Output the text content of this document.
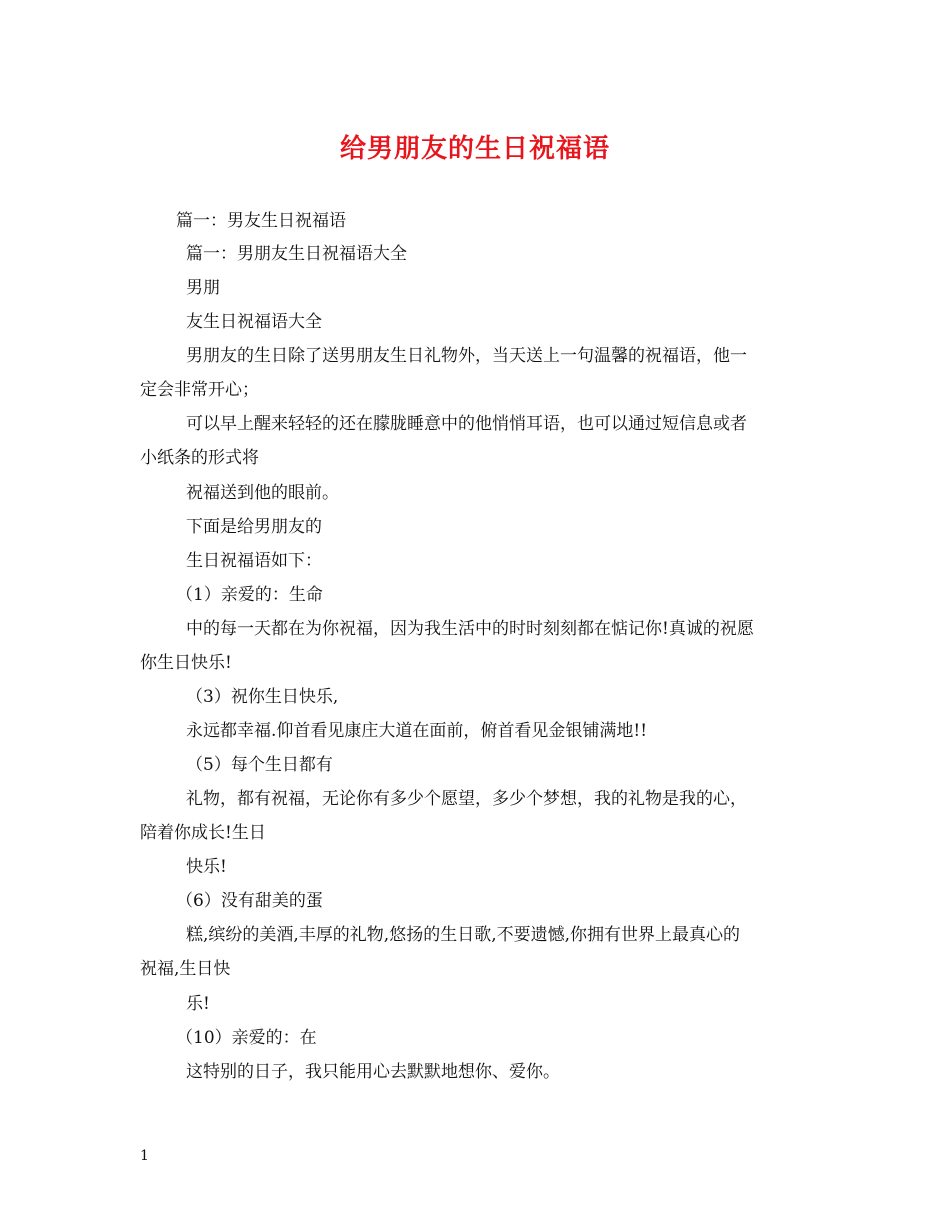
给男朋友的生日祝福语
篇一：男友生日祝福语
篇一：男朋友生日祝福语大全
男朋
友生日祝福语大全
男朋友的生日除了送男朋友生日礼物外，当天送上一句温馨的祝福语，他一
定会非常开心；
可以早上醒来轻轻的还在朦胧睡意中的他悄悄耳语，也可以通过短信息或者
小纸条的形式将
祝福送到他的眼前。
下面是给男朋友的
生日祝福语如下：
（1）亲爱的：生命
中的每一天都在为你祝福，因为我生活中的时时刻刻都在惦记你!真诚的祝愿
你生日快乐!
（3）祝你生日快乐,
永远都幸福.仰首看见康庄大道在面前，俯首看见金银铺满地!!
（5）每个生日都有
礼物，都有祝福，无论你有多少个愿望，多少个梦想，我的礼物是我的心，
陪着你成长!生日
快乐!
（6）没有甜美的蛋
糕,缤纷的美酒,丰厚的礼物,悠扬的生日歌,不要遗憾,你拥有世界上最真心的
祝福,生日快
乐!
（10）亲爱的：在
这特别的日子，我只能用心去默默地想你、爱你。
1
